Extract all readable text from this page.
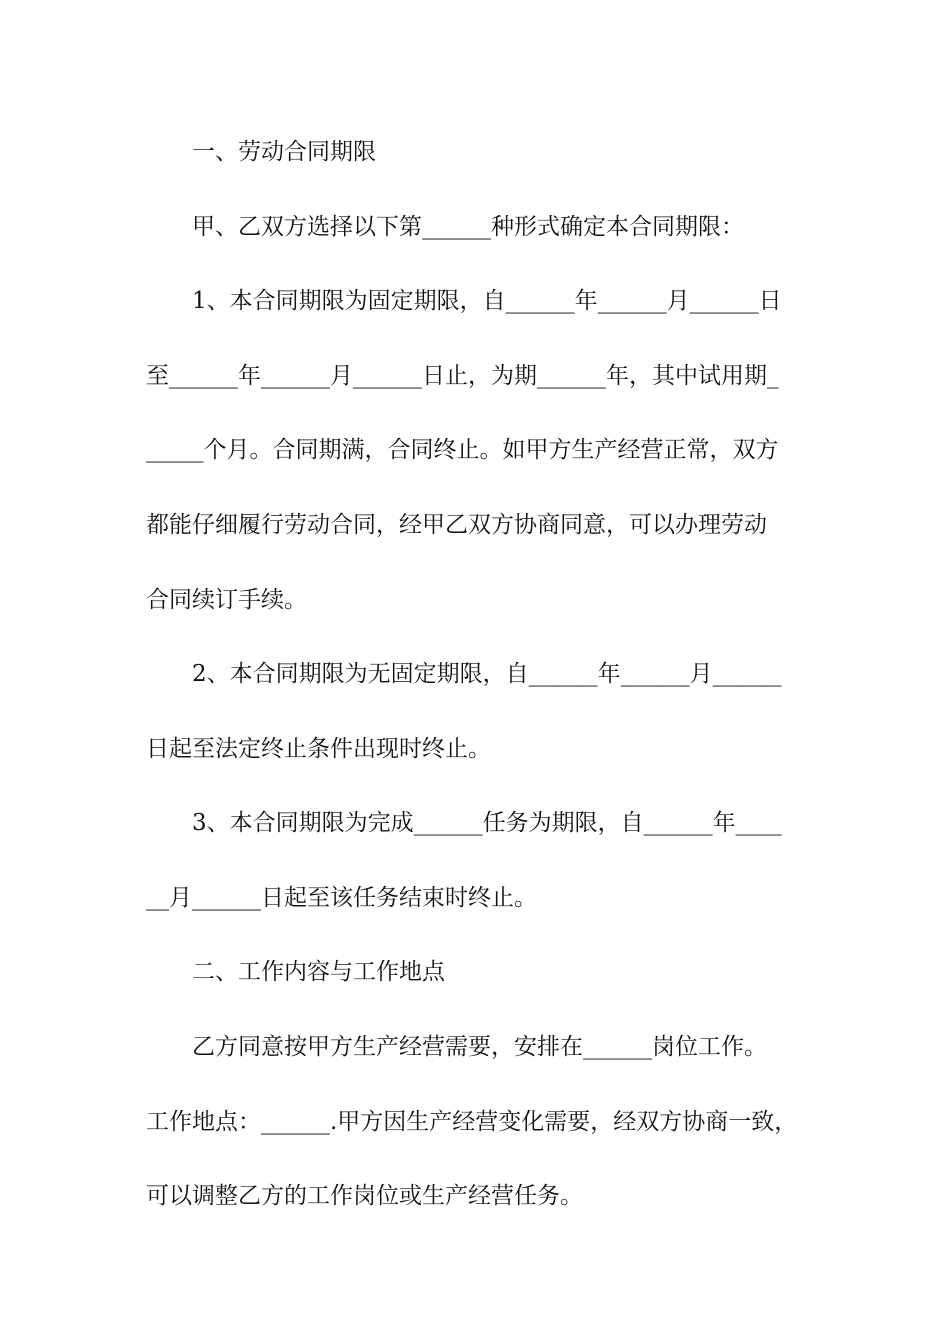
一、劳动合同期限
甲、乙双方选择以下第______种形式确定本合同期限：
1、本合同期限为固定期限，自______年______月______日
至______年______月______日止，为期______年，其中试用期_
_____个月。合同期满，合同终止。如甲方生产经营正常，双方
都能仔细履行劳动合同，经甲乙双方协商同意，可以办理劳动
合同续订手续。
2、本合同期限为无固定期限，自______年______月______
日起至法定终止条件出现时终止。
3、本合同期限为完成______任务为期限，自______年____
__月______日起至该任务结束时终止。
二、工作内容与工作地点
乙方同意按甲方生产经营需要，安排在______岗位工作。
工作地点：______.甲方因生产经营变化需要，经双方协商一致，
可以调整乙方的工作岗位或生产经营任务。
